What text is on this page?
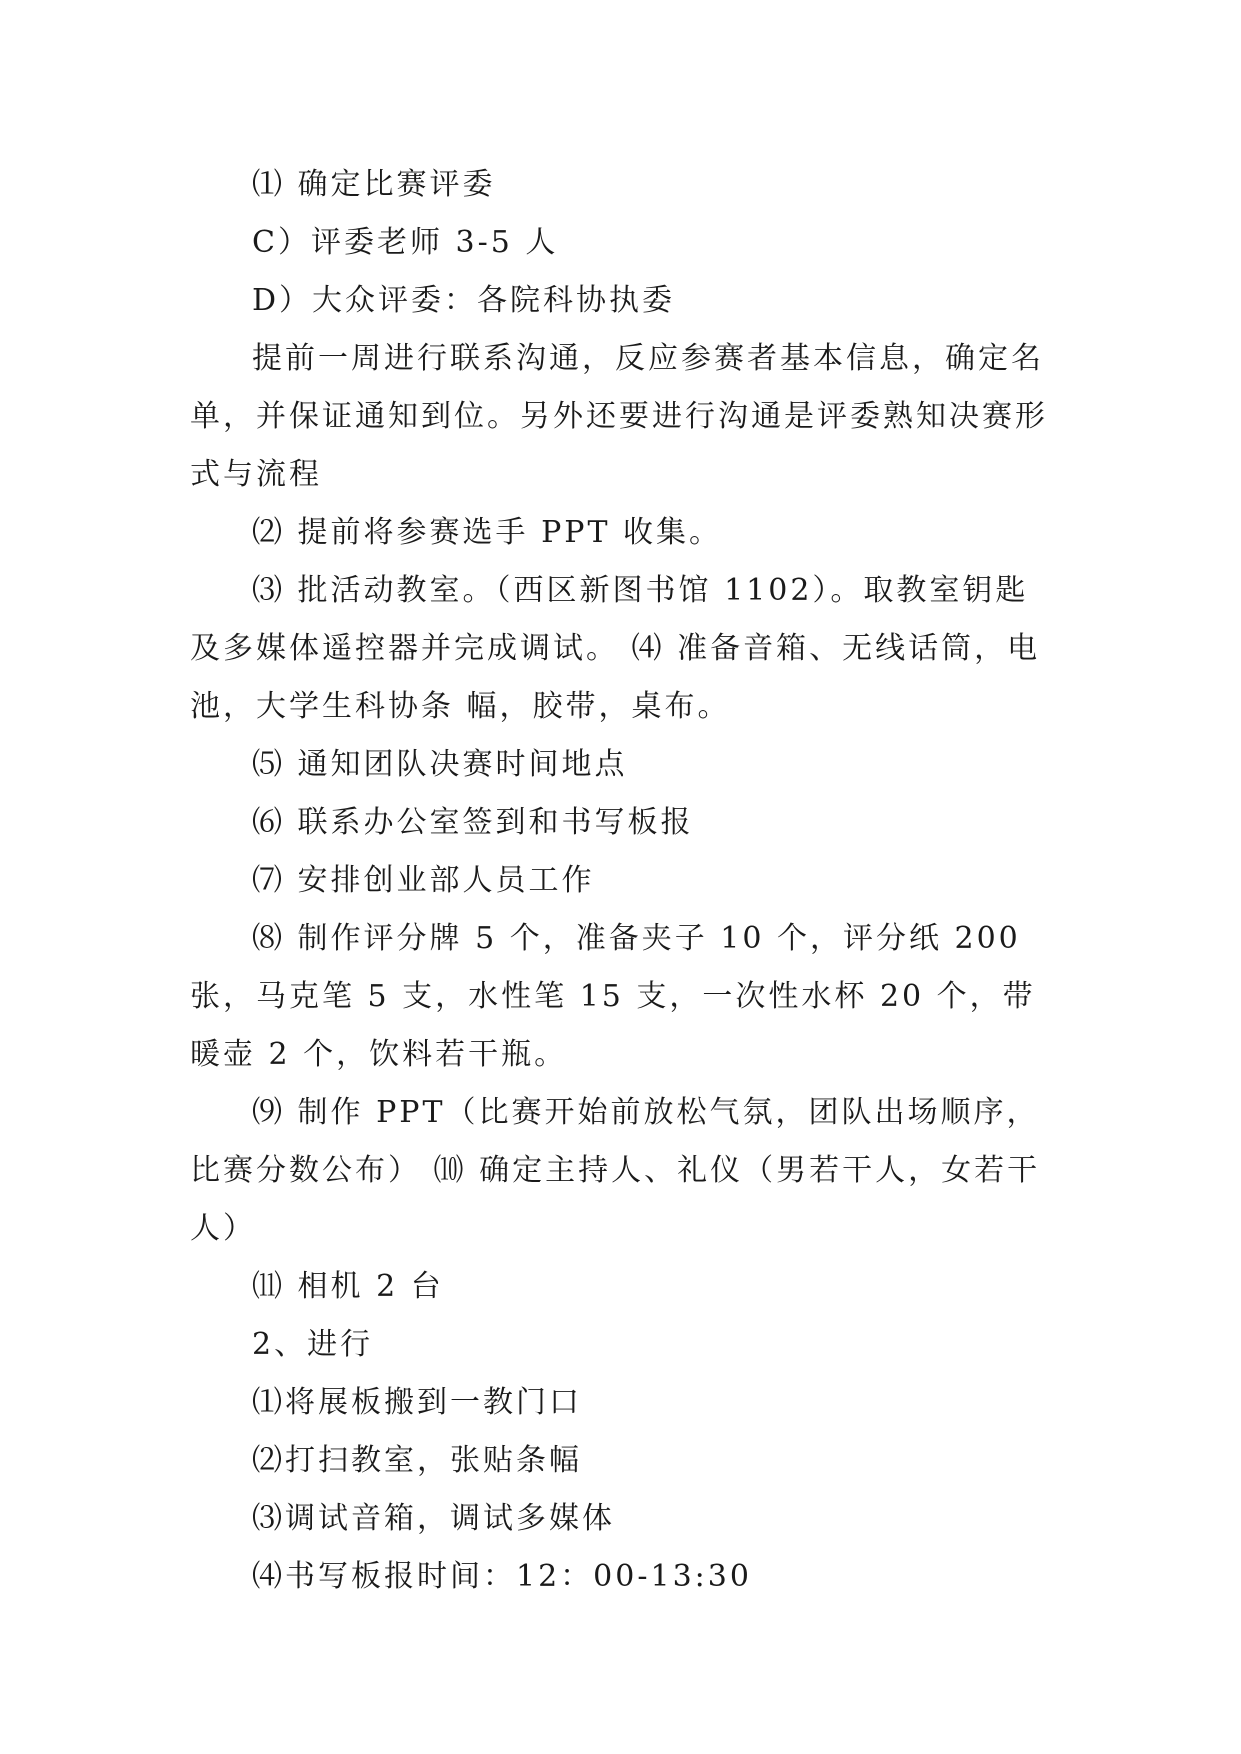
⑴ 确定比赛评委

C）评委老师 3-5 人

D）大众评委：各院科协执委

提前一周进行联系沟通，反应参赛者基本信息，确定名单，并保证通知到位。另外还要进行沟通是评委熟知决赛形式与流程

⑵ 提前将参赛选手 PPT 收集。

⑶ 批活动教室。（西区新图书馆 1102）。取教室钥匙及多媒体遥控器并完成调试。 ⑷ 准备音箱、无线话筒，电池，大学生科协条 幅，胶带，桌布。

⑸ 通知团队决赛时间地点

⑹ 联系办公室签到和书写板报

⑺ 安排创业部人员工作

⑻ 制作评分牌 5 个，准备夹子 10 个，评分纸 200 张，马克笔 5 支，水性笔 15 支，一次性水杯 20 个，带暖壶 2 个，饮料若干瓶。

⑼ 制作 PPT（比赛开始前放松气氛，团队出场顺序，比赛分数公布） ⑽ 确定主持人、礼仪（男若干人，女若干人）

⑾ 相机 2 台

2、进行

⑴将展板搬到一教门口

⑵打扫教室，张贴条幅

⑶调试音箱，调试多媒体

⑷书写板报时间：12：00-13:30
